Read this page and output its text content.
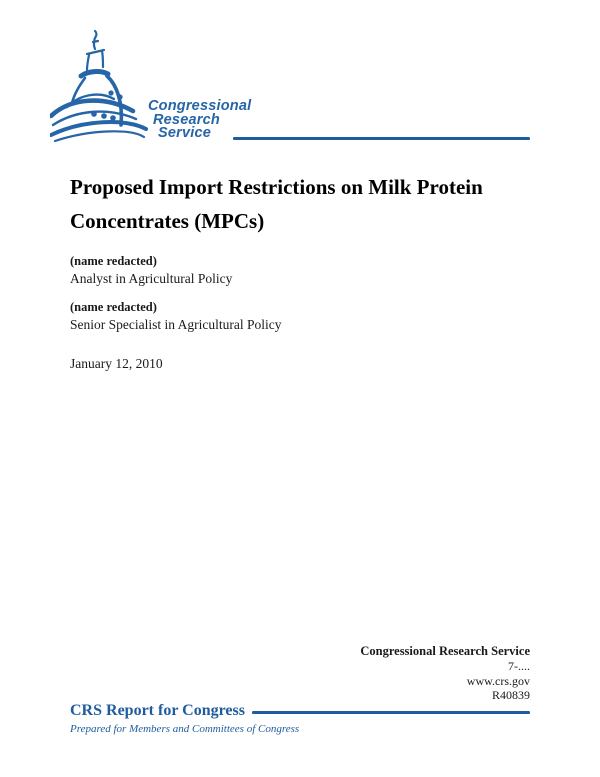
Congressional
Research
Service
Proposed Import Restrictions on Milk Protein
Concentrates (MPCs)
(name redacted)
Analyst in Agricultural Policy
(name redacted)
Senior Specialist in Agricultural Policy
January 12, 2010
Congressional Research Service
7-....
www.crs.gov
R40839
CRS Report for Congress
Prepared for Members and Committees of Congress
